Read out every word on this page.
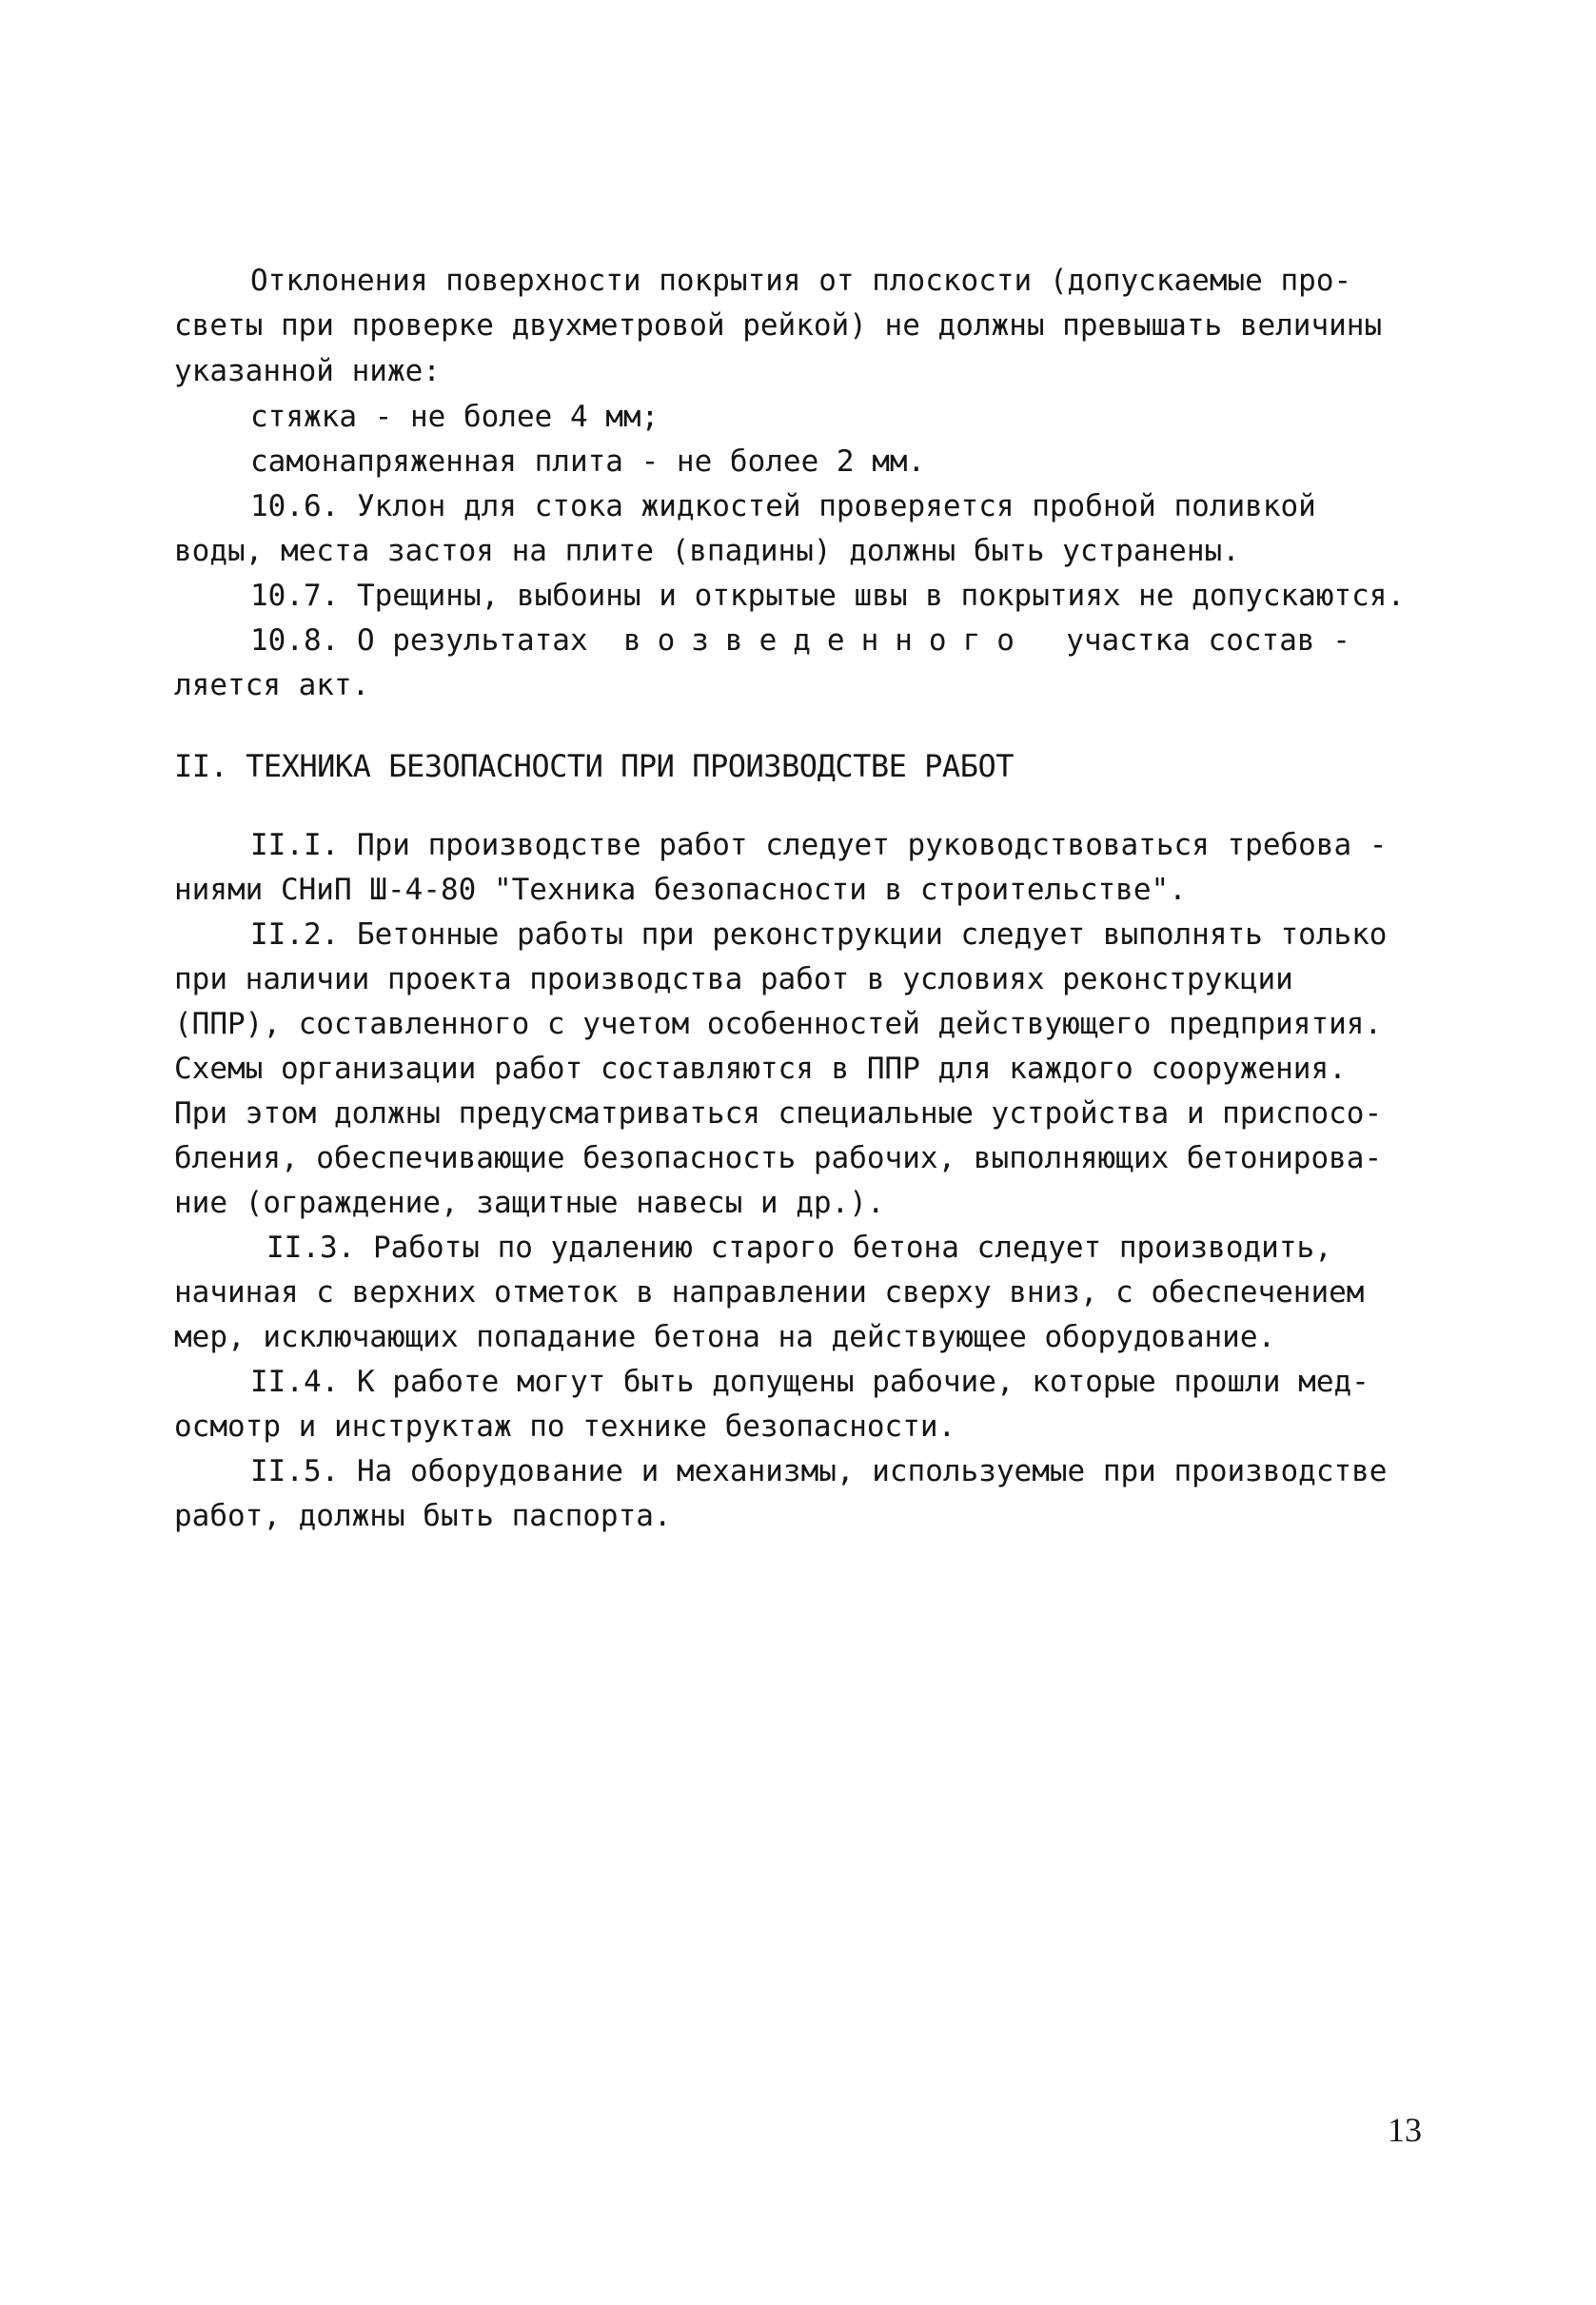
Отклонения поверхности покрытия от плоскости (допускаемые про-
светы при проверке двухметровой рейкой) не должны превышать величины
указанной ниже:
стяжка - не более 4 мм;
самонапряженная плита - не более 2 мм.
10.6. Уклон для стока жидкостей проверяется пробной поливкой
воды, места застоя на плите (впадины) должны быть устранены.
10.7. Трещины, выбоины и открытые швы в покрытиях не допускаются.
10.8. О результатах возведенного участка состав -
ляется акт.
II. ТЕХНИКА БЕЗОПАСНОСТИ ПРИ ПРОИЗВОДСТВЕ РАБОТ
II.I. При производстве работ следует руководствоваться требова -
ниями СНиП Ш-4-80 "Техника безопасности в строительстве".
II.2. Бетонные работы при реконструкции следует выполнять только
при наличии проекта производства работ в условиях реконструкции
(ППР), составленного с учетом особенностей действующего предприятия.
Схемы организации работ составляются в ППР для каждого сооружения.
При этом должны предусматриваться специальные устройства и приспосо-
бления, обеспечивающие безопасность рабочих, выполняющих бетонирова-
ние (ограждение, защитные навесы и др.).
II.3. Работы по удалению старого бетона следует производить,
начиная с верхних отметок в направлении сверху вниз, с обеспечением
мер, исключающих попадание бетона на действующее оборудование.
II.4. К работе могут быть допущены рабочие, которые прошли мед-
осмотр и инструктаж по технике безопасности.
II.5. На оборудование и механизмы, используемые при производстве
работ, должны быть паспорта.
13
